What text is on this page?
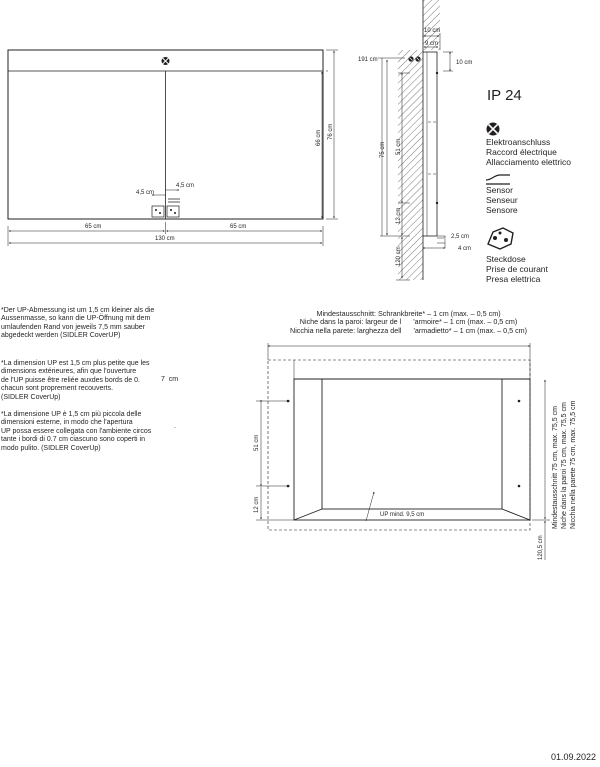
4,5 cm
4,5 cm
65 cm	65 cm
130 cm
66 cm 76 cm
10 cm
9 cm
10 cm
191 cm
75 cm 51 cm
12 cm
120 cm
2,5 cm
4 cm
51 cm
12 cm
UP mind. 9,5 cm
120,5 cm
Mindestausschnitt 75 cm, max. 75,5 cm Niche dans la paroi 75 cm, max. 75,5 cm Nicchia nella parete 75 cm, max. 75,5 cm
IP 24
Elektroanschluss
Raccord électrique
Allacciamento elettrico
Sensor
Senseur
Sensore
Steckdose
Prise de courant
Presa elettrica
*Der UP-Abmessung ist um 1,5 cm kleiner als die
Aussenmasse, so kann die UP-Öffnung mit dem
umlaufenden Rand von jeweils 7,5 mm sauber
abgedeckt werden (SIDLER CoverUP)
*La dimension UP est 1,5 cm plus petite que les
dimensions extérieures, afin que l'ouverture
de l'UP puisse être reliée auxdes bords de 0.
chacun sont proprement recouverts.
(SIDLER CoverUp)
7  cm
*La dimensione UP è 1,5 cm più piccola delle
dimensioni esterne, in modo che l'apertura
UP possa essere collegata con l'ambiente circos
tante i bordi di 0.7 cm ciascuno sono coperti in
modo pulito. (SIDLER CoverUp)
.
Mindestausschnitt: Schrankbreite* – 1 cm (max. – 0,5 cm)
Niche dans la paroi: largeur de l      'armoire* – 1 cm (max. – 0,5 cm)
Nicchia nella parete: larghezza dell      'armadietto* – 1 cm (max. – 0,5 cm)
01.09.2022
